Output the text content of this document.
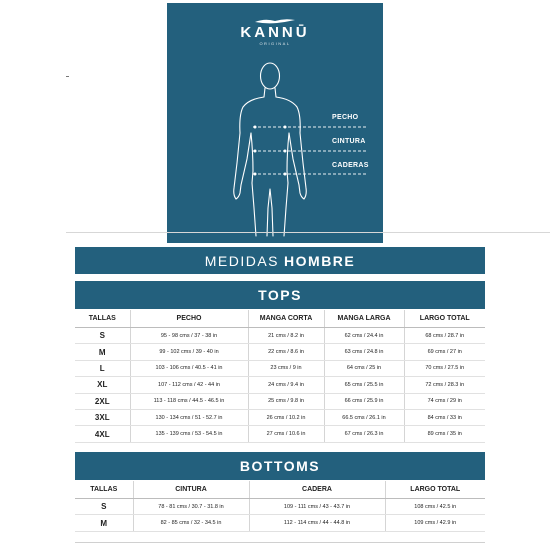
KANNŪ
ORIGINAL
PECHO
CINTURA
CADERAS
MEDIDAS HOMBRE
TOPS
TALLAS	PECHO	MANGA CORTA	MANGA LARGA	LARGO TOTAL
S	95 - 98 cms / 37 - 38 in	21 cms / 8.2 in	62 cms / 24.4 in	68 cms / 28.7 in
M	99 - 102 cms / 39 - 40 in	22 cms / 8.6 in	63 cms / 24.8 in	69 cms / 27 in
L	103 - 106 cms / 40.5 - 41 in	23 cms / 9 in	64 cms / 25 in	70 cms / 27.5 in
XL	107 - 112 cms / 42 - 44 in	24 cms / 9.4 in	65 cms / 25.5 in	72 cms / 28.3 in
2XL	113 - 118 cms / 44.5 - 46.5 in	25 cms / 9.8 in	66 cms / 25.9 in	74 cms / 29 in
3XL	130 - 134 cms / 51 - 52.7 in	26 cms / 10.2 in	66.5 cms / 26.1 in	84 cms / 33 in
4XL	135 - 139 cms / 53 - 54.5 in	27 cms / 10.6 in	67 cms / 26.3 in	89 cms / 35 in
BOTTOMS
TALLAS	CINTURA	CADERA	LARGO TOTAL
S	78 - 81 cms / 30.7 - 31.8 in	109 - 111 cms / 43 - 43.7 in	108 cms / 42.5 in
M	82 - 85 cms / 32 - 34.5 in	112 - 114 cms / 44 - 44.8 in	109 cms / 42.9 in
